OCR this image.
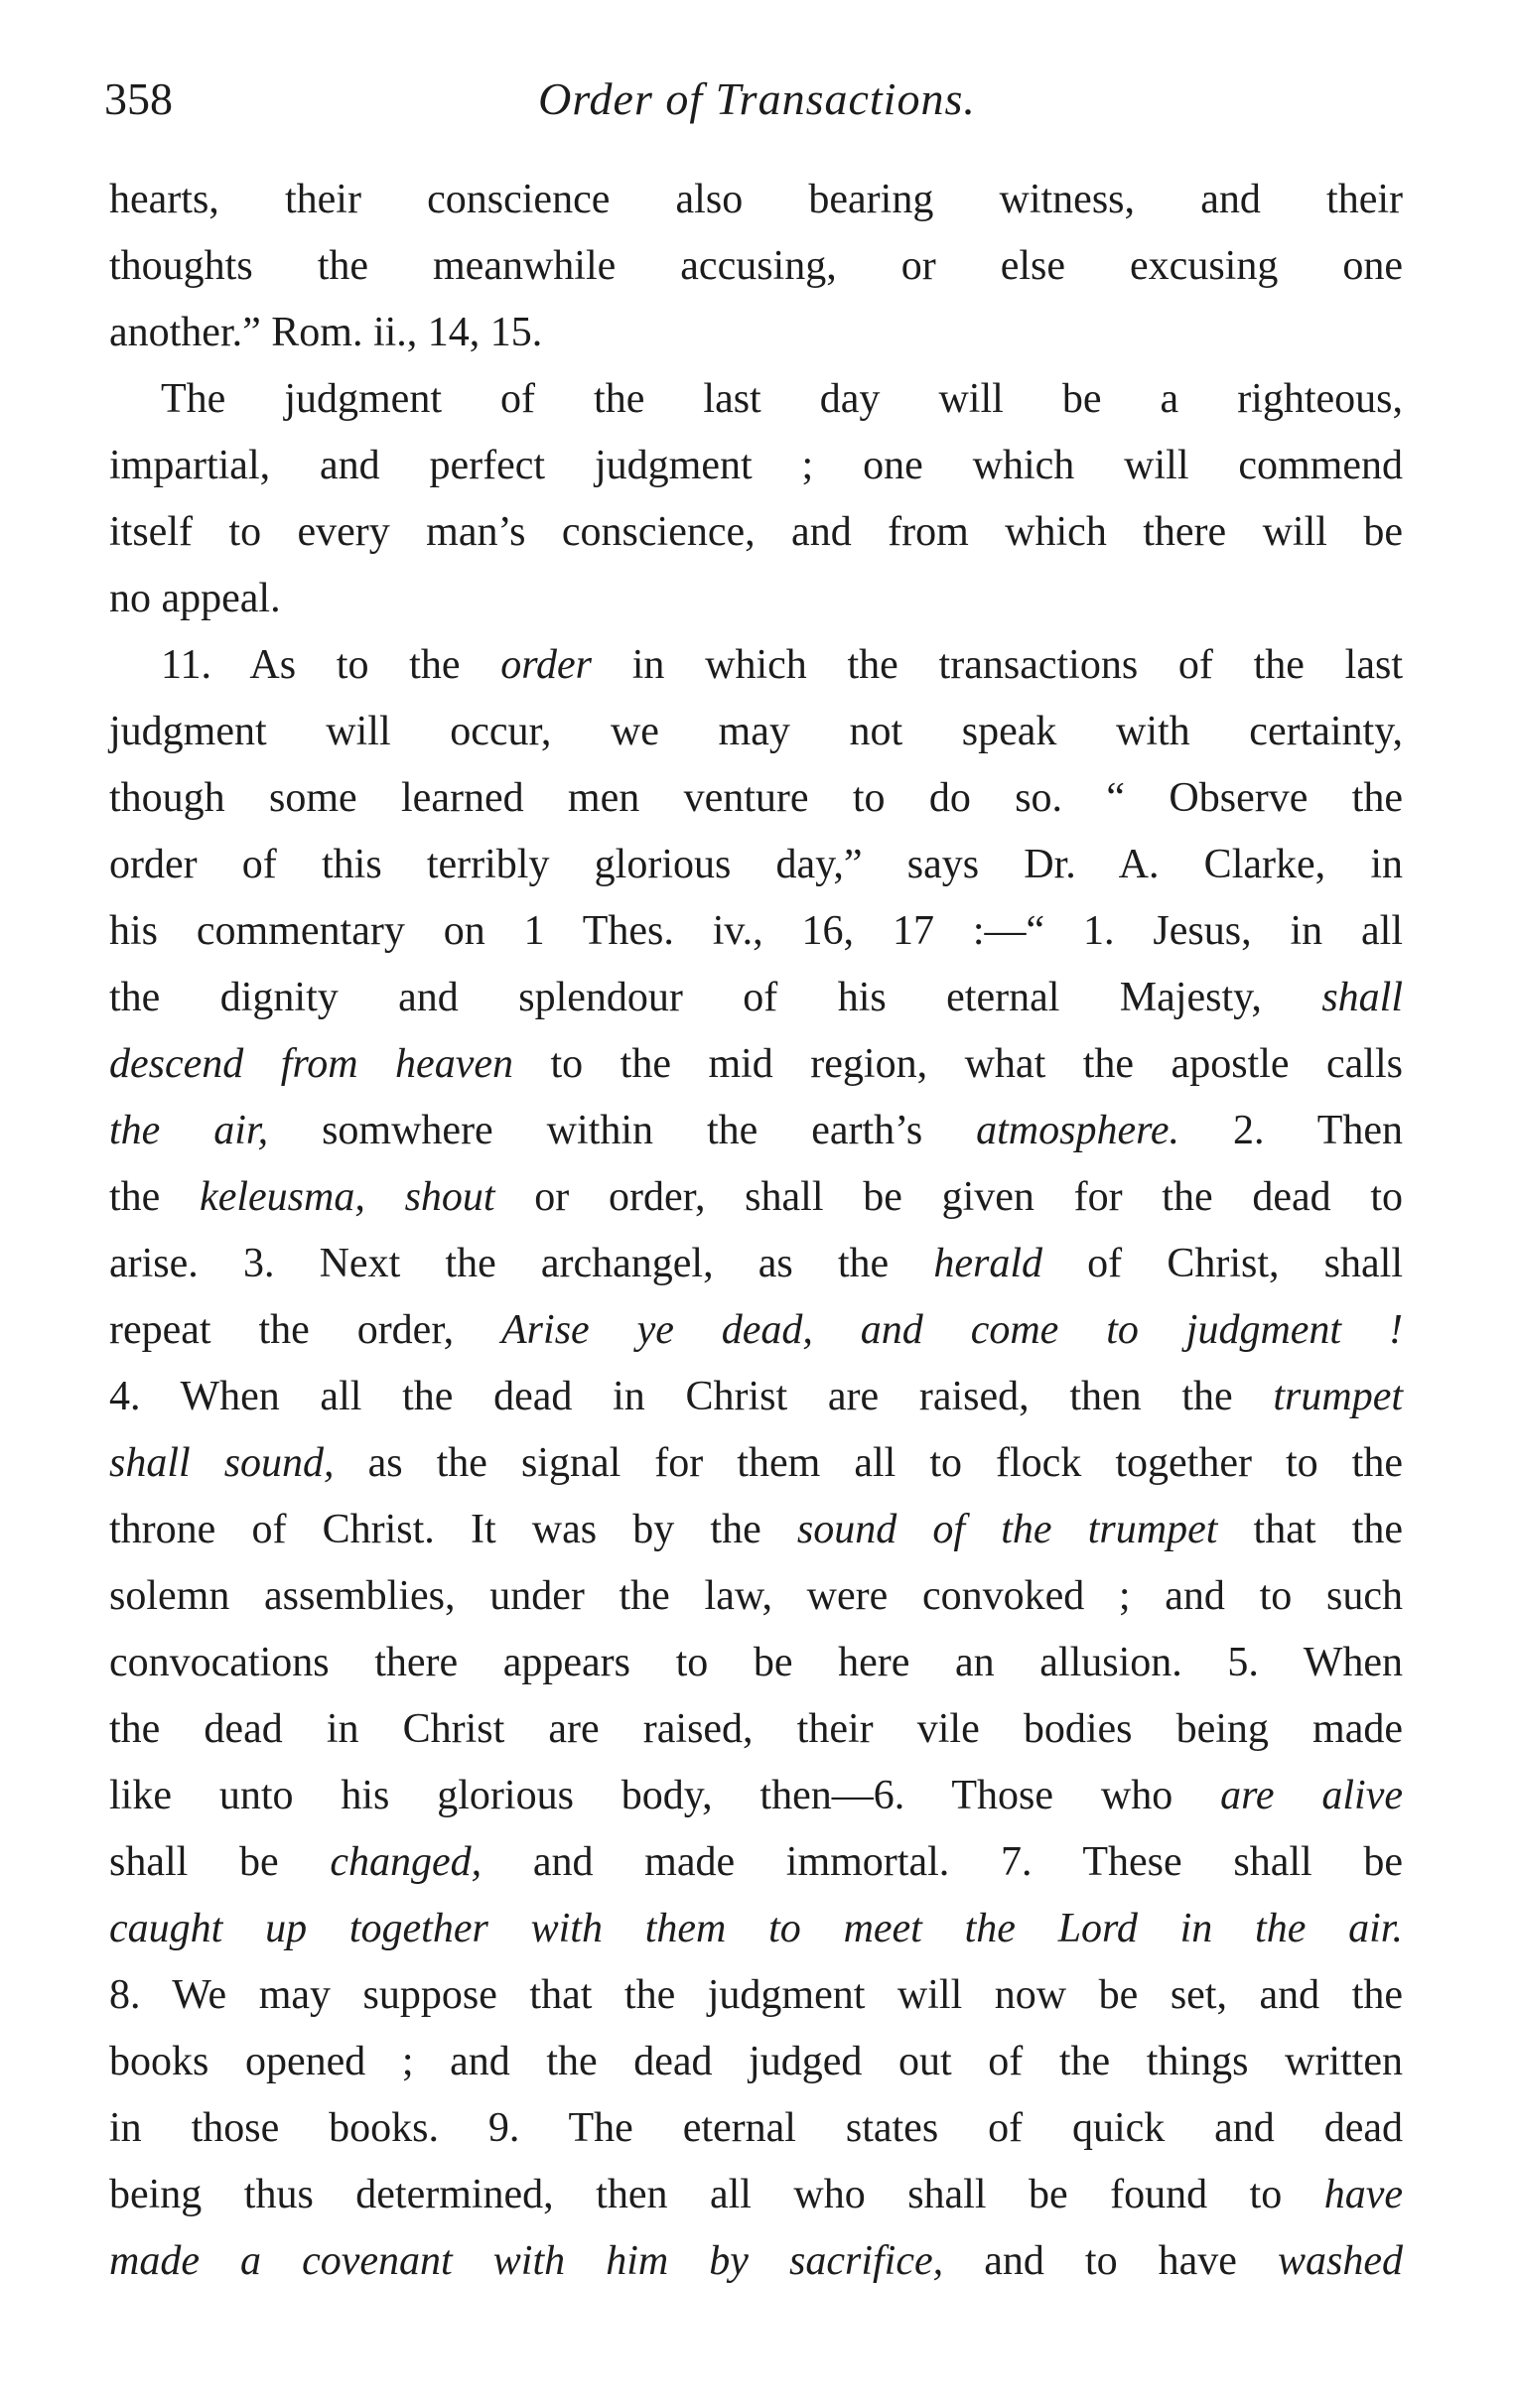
358	Order of Transactions.
hearts, their conscience also bearing witness, and their
thoughts the meanwhile accusing, or else excusing one
another.” Rom. ii., 14, 15.
The judgment of the last day will be a righteous,
impartial, and perfect judgment ; one which will commend
itself to every man’s conscience, and from which there will be
no appeal.
11. As to the order in which the transactions of the last
judgment will occur, we may not speak with certainty,
though some learned men venture to do so. “ Observe the
order of this terribly glorious day,” says Dr. A. Clarke, in
his commentary on 1 Thes. iv., 16, 17 :—“ 1. Jesus, in all
the dignity and splendour of his eternal Majesty, shall
descend from heaven to the mid region, what the apostle calls
the air, somwhere within the earth’s atmosphere. 2. Then
the keleusma, shout or order, shall be given for the dead to
arise. 3. Next the archangel, as the herald of Christ, shall
repeat the order, Arise ye dead, and come to judgment !
4. When all the dead in Christ are raised, then the trumpet
shall sound, as the signal for them all to flock together to the
throne of Christ. It was by the sound of the trumpet that the
solemn assemblies, under the law, were convoked ; and to such
convocations there appears to be here an allusion. 5. When
the dead in Christ are raised, their vile bodies being made
like unto his glorious body, then—6. Those who are alive
shall be changed, and made immortal. 7. These shall be
caught up together with them to meet the Lord in the air.
8. We may suppose that the judgment will now be set, and the
books opened ; and the dead judged out of the things written
in those books. 9. The eternal states of quick and dead
being thus determined, then all who shall be found to have
made a covenant with him by sacrifice, and to have washed
